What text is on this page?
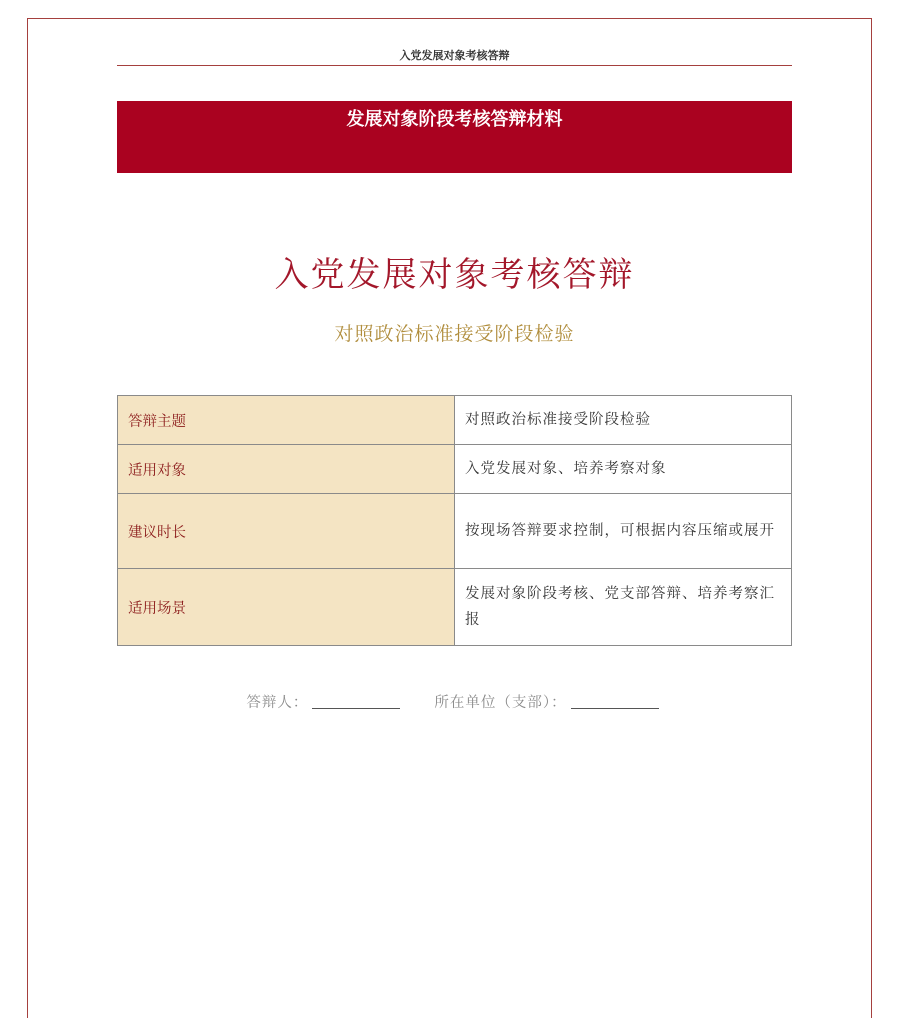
入党发展对象考核答辩
发展对象阶段考核答辩材料
入党发展对象考核答辩
对照政治标准接受阶段检验
答辩主题	对照政治标准接受阶段检验
适用对象	入党发展对象、培养考察对象
建议时长	按现场答辩要求控制，可根据内容压缩或展开
适用场景	发展对象阶段考核、党支部答辩、培养考察汇报
答辩人：	所在单位（支部）：
